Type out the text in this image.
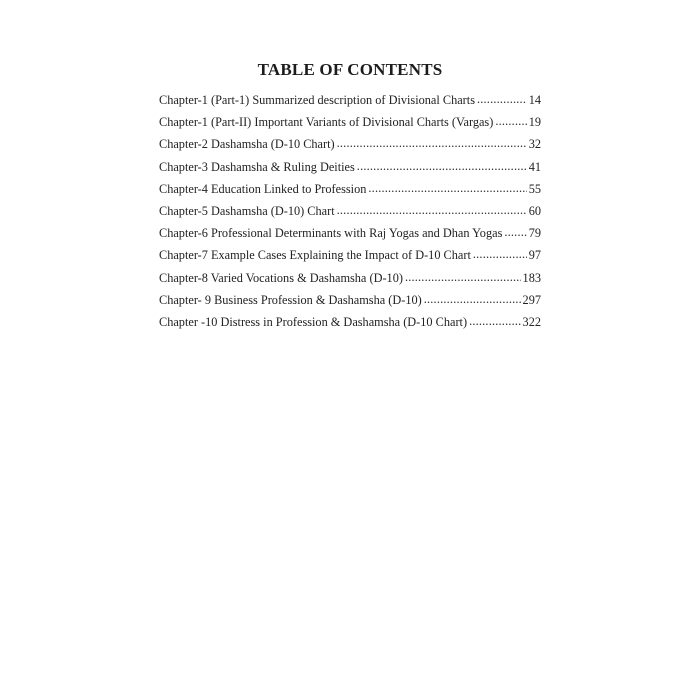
TABLE OF CONTENTS
Chapter-1 (Part-1) Summarized description of Divisional Charts .....	14
Chapter-1 (Part-II) Important Variants of Divisional Charts (Vargas) .....	19
Chapter-2 Dashamsha (D-10 Chart) .....	32
Chapter-3 Dashamsha & Ruling Deities .....	41
Chapter-4 Education Linked to Profession .....	55
Chapter-5 Dashamsha (D-10) Chart .....	60
Chapter-6 Professional Determinants with Raj Yogas and Dhan Yogas ..... 79
Chapter-7 Example Cases Explaining the Impact of D-10 Chart .....	97
Chapter-8 Varied Vocations & Dashamsha (D-10) .....	183
Chapter- 9 Business Profession & Dashamsha (D-10) .....	297
Chapter -10 Distress in Profession & Dashamsha (D-10 Chart) .....	322
